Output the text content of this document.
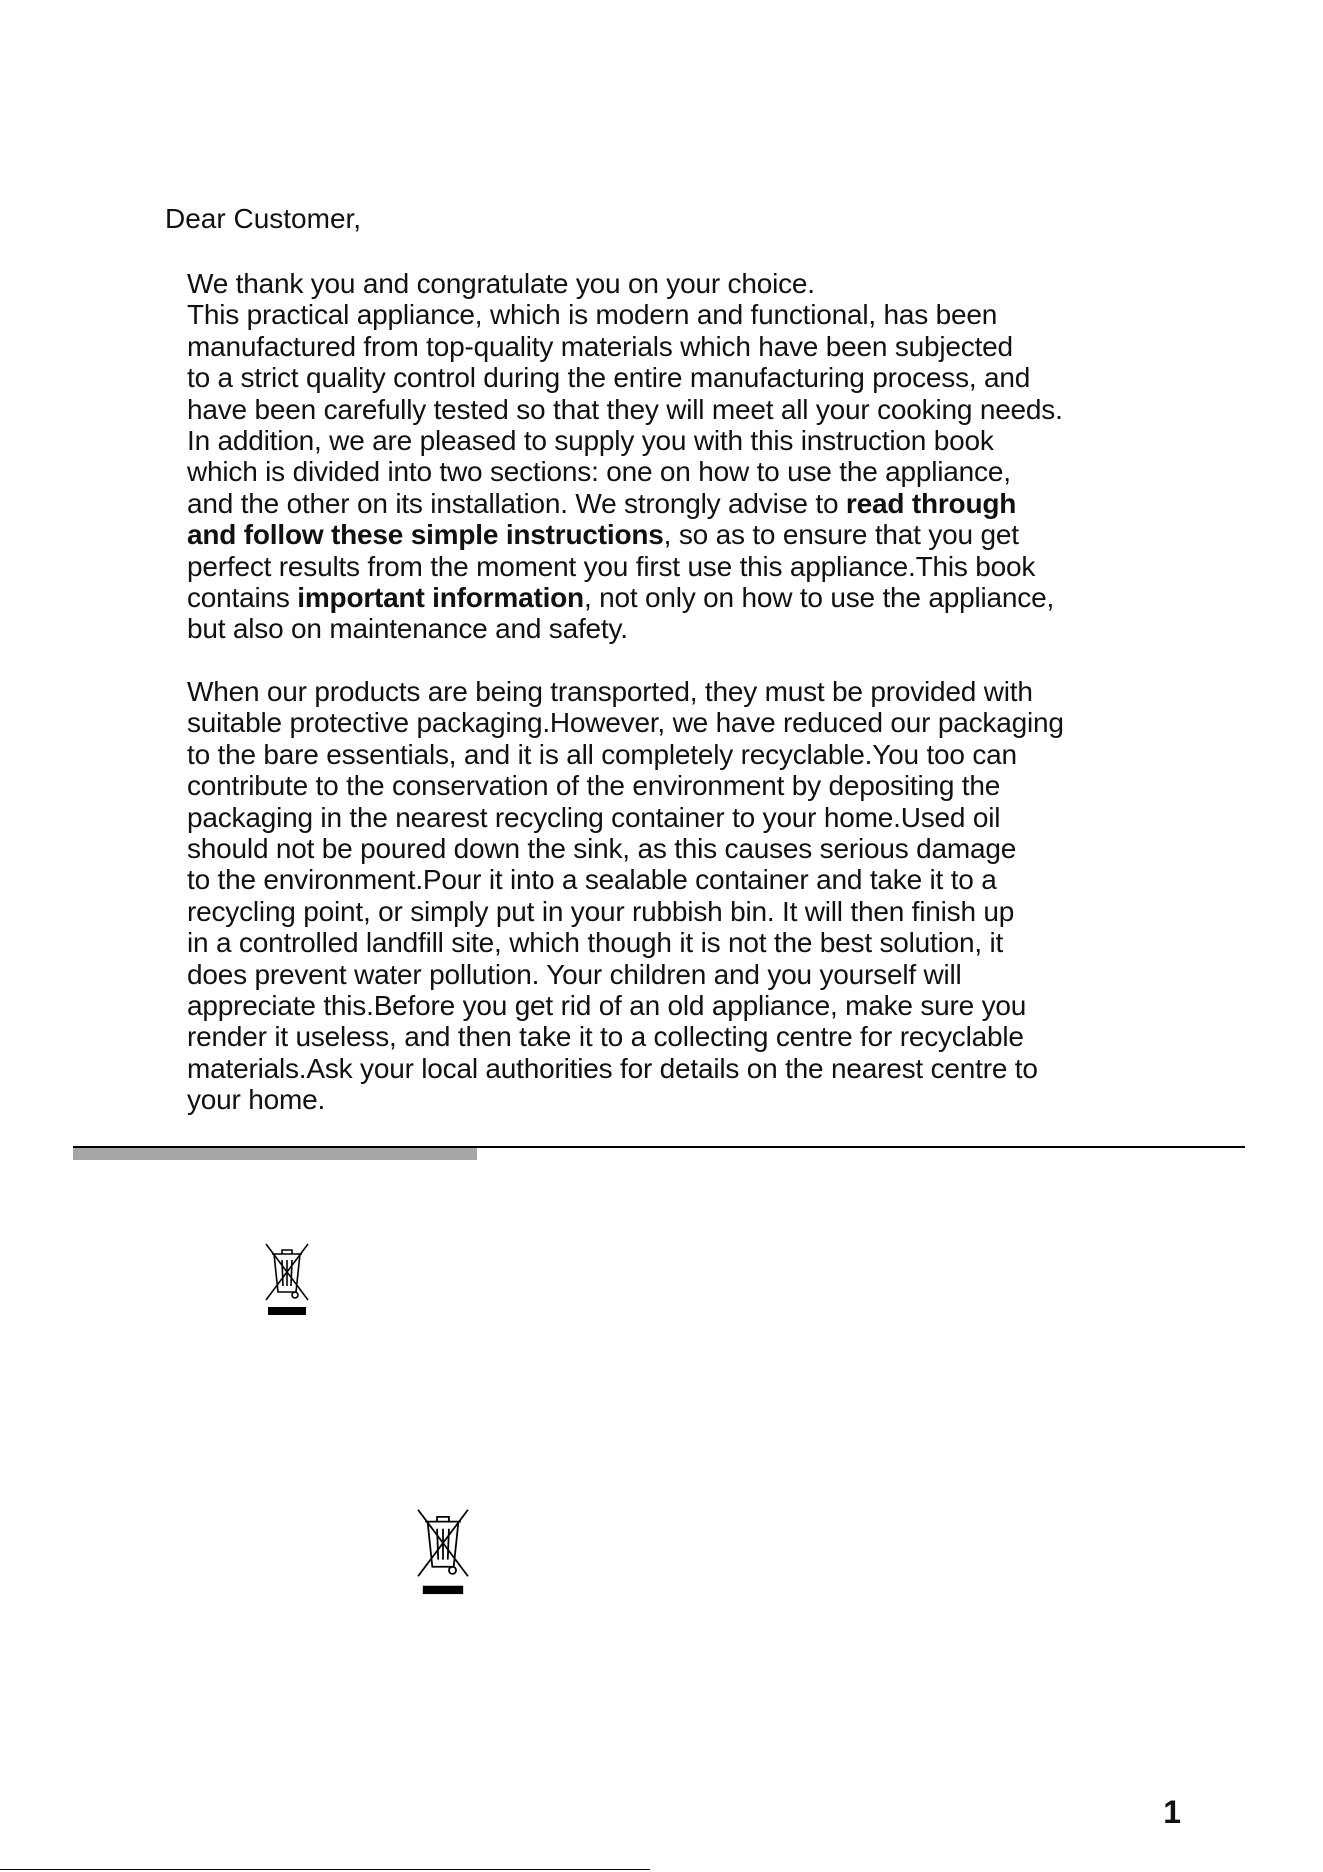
Dear Customer,

We thank you and congratulate you on your choice.
This practical appliance, which is modern and functional, has been
manufactured from top-quality materials which have been subjected
to a strict quality control during the entire manufacturing process, and
have been carefully tested so that they will meet all your cooking needs.
In addition, we are pleased to supply you with this instruction book
which is divided into two sections: one on how to use the appliance,
and the other on its installation. We strongly advise to read through
and follow these simple instructions, so as to ensure that you get
perfect results from the moment you first use this appliance.This book
contains important information, not only on how to use the appliance,
but also on maintenance and safety.

When our products are being transported, they must be provided with
suitable protective packaging.However, we have reduced our packaging
to the bare essentials, and it is all completely recyclable.You too can
contribute to the conservation of the environment by depositing the
packaging in the nearest recycling container to your home.Used oil
should not be poured down the sink, as this causes serious damage
to the environment.Pour it into a sealable container and take it to a
recycling point, or simply put in your rubbish bin. It will then finish up
in a controlled landfill site, which though it is not the best solution, it
does prevent water pollution. Your children and you yourself will
appreciate this.Before you get rid of an old appliance, make sure you
render it useless, and then take it to a collecting centre for recyclable
materials.Ask your local authorities for details on the nearest centre to
your home.

1
